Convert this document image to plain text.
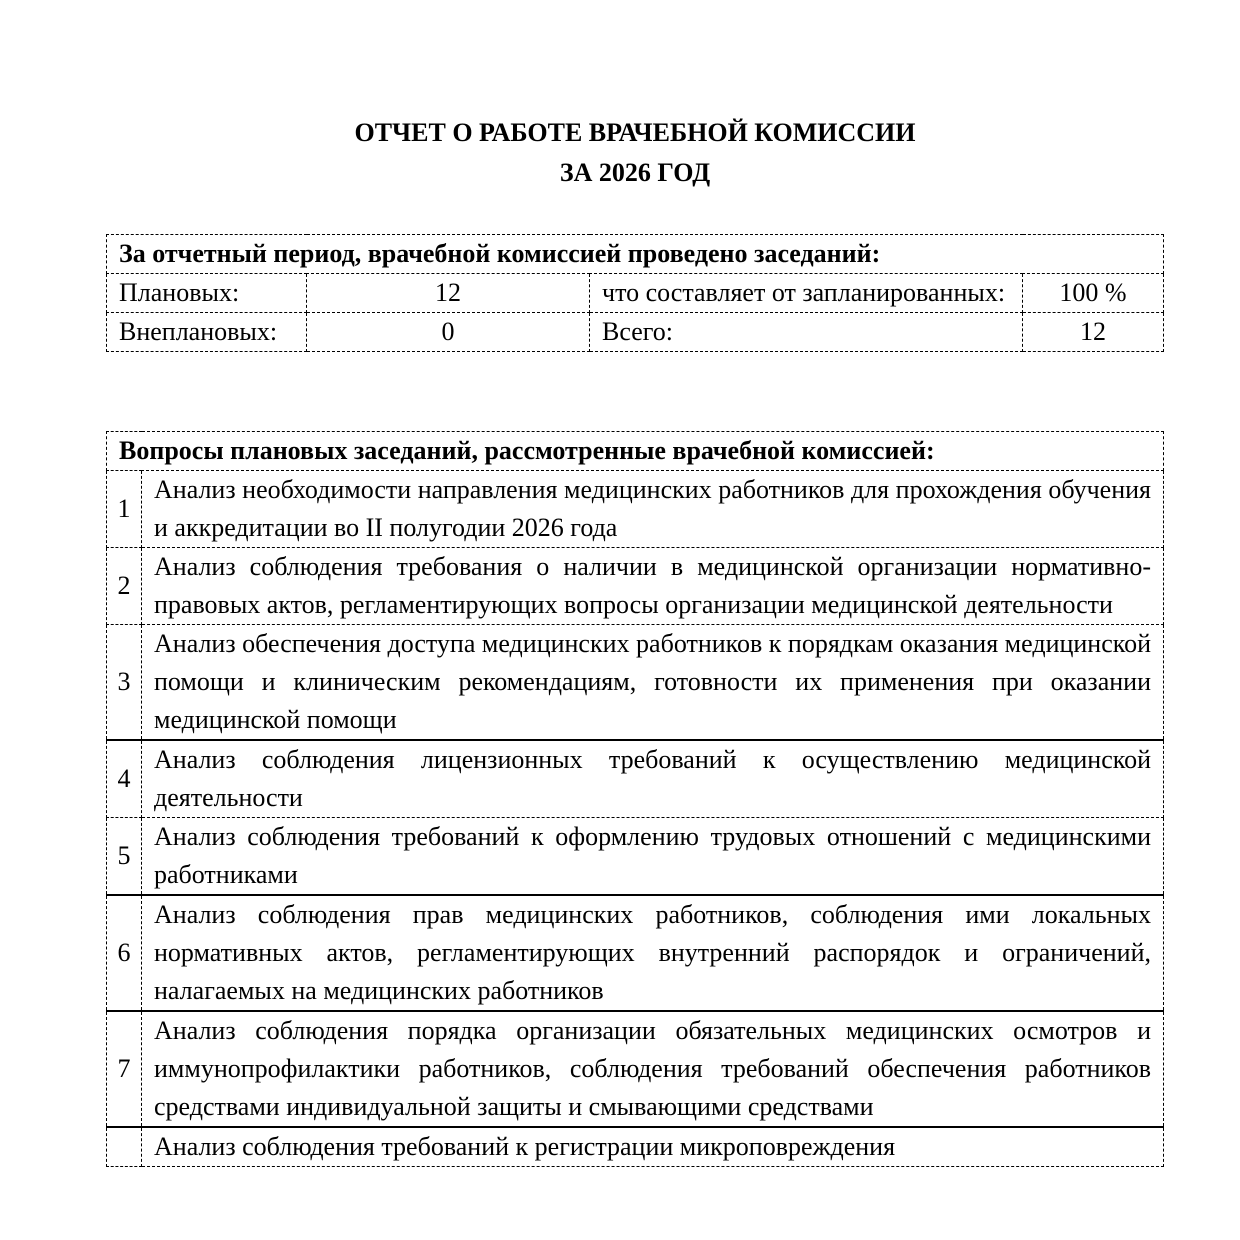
ОТЧЕТ О РАБОТЕ ВРАЧЕБНОЙ КОМИССИИ
ЗА 2026 ГОД
За отчетный период, врачебной комиссией проведено заседаний:			
Плановых:	12	что составляет от запланированных:	100 %
Внеплановых:	0	Всего:	12
Вопросы плановых заседаний, рассмотренные врачебной комиссией:	
1	Анализ необходимости направления медицинских работников для прохождения обучения и аккредитации во II полугодии 2026 года
2	Анализ соблюдения требования о наличии в медицинской организации нормативно-правовых актов, регламентирующих вопросы организации медицинской деятельности
3	Анализ обеспечения доступа медицинских работников к порядкам оказания медицинской помощи и клиническим рекомендациям, готовности их применения при оказании медицинской помощи
4	Анализ соблюдения лицензионных требований к осуществлению медицинской деятельности
5	Анализ соблюдения требований к оформлению трудовых отношений с медицинскими работниками
6	Анализ соблюдения прав медицинских работников, соблюдения ими локальных нормативных актов, регламентирующих внутренний распорядок и ограничений, налагаемых на медицинских работников
7	Анализ соблюдения порядка организации обязательных медицинских осмотров и иммунопрофилактики работников, соблюдения требований обеспечения работников средствами индивидуальной защиты и смывающими средствами
	Анализ соблюдения требований к регистрации микроповреждения
